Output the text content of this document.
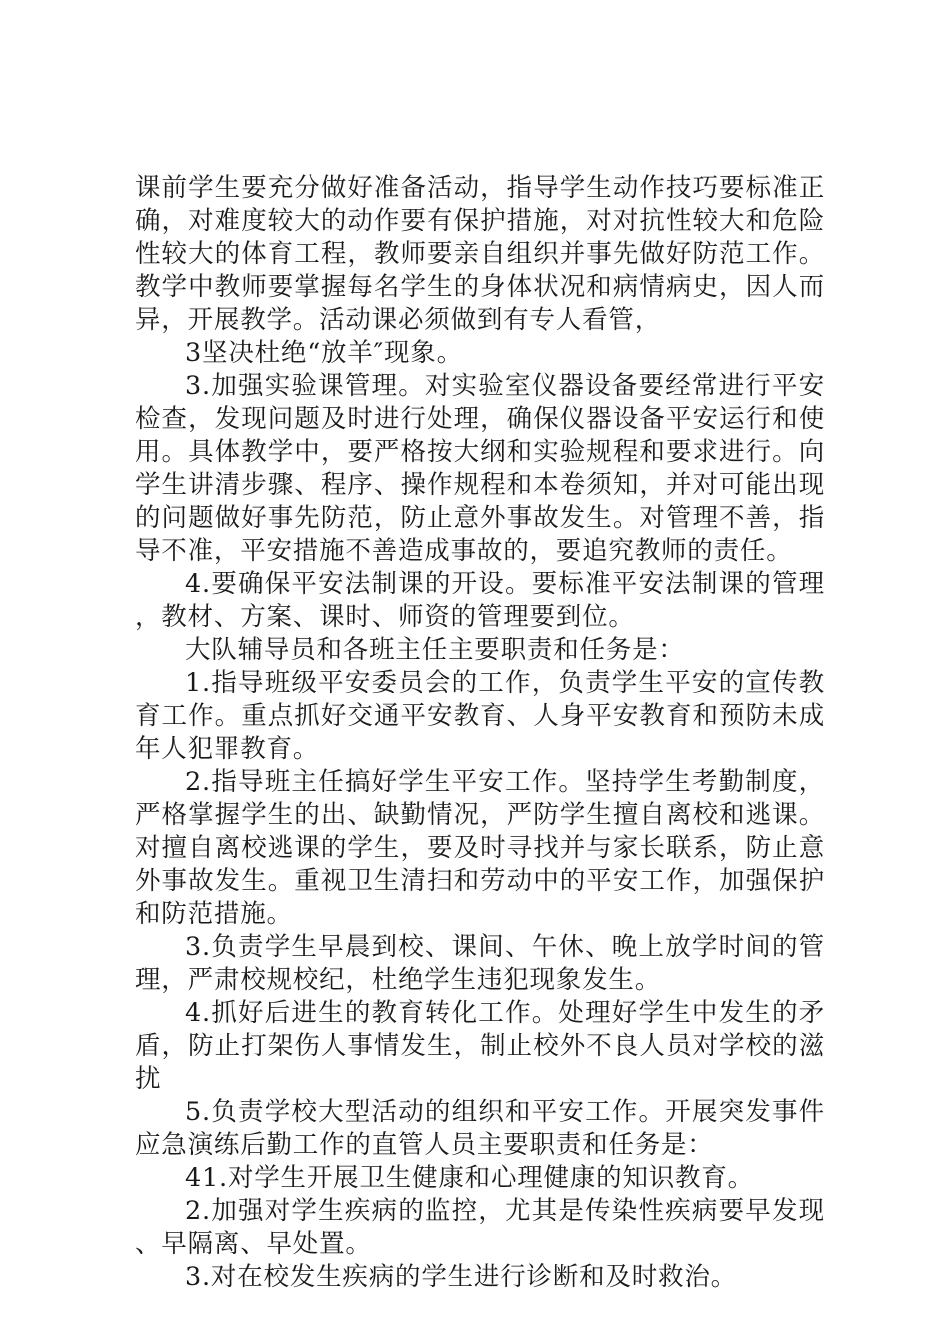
课前学生要充分做好准备活动，指导学生动作技巧要标准正确，对难度较大的动作要有保护措施，对对抗性较大和危险性较大的体育工程，教师要亲自组织并事先做好防范工作。教学中教师要掌握每名学生的身体状况和病情病史，因人而异，开展教学。活动课必须做到有专人看管，

3坚决杜绝“放羊″现象。

3.加强实验课管理。对实验室仪器设备要经常进行平安检查，发现问题及时进行处理，确保仪器设备平安运行和使用。具体教学中，要严格按大纲和实验规程和要求进行。向学生讲清步骤、程序、操作规程和本卷须知，并对可能出现的问题做好事先防范，防止意外事故发生。对管理不善，指导不准，平安措施不善造成事故的，要追究教师的责任。

4.要确保平安法制课的开设。要标准平安法制课的管理，教材、方案、课时、师资的管理要到位。

大队辅导员和各班主任主要职责和任务是：

1.指导班级平安委员会的工作，负责学生平安的宣传教育工作。重点抓好交通平安教育、人身平安教育和预防未成年人犯罪教育。

2.指导班主任搞好学生平安工作。坚持学生考勤制度，严格掌握学生的出、缺勤情况，严防学生擅自离校和逃课。对擅自离校逃课的学生，要及时寻找并与家长联系，防止意外事故发生。重视卫生清扫和劳动中的平安工作，加强保护和防范措施。

3.负责学生早晨到校、课间、午休、晚上放学时间的管理，严肃校规校纪，杜绝学生违犯现象发生。

4.抓好后进生的教育转化工作。处理好学生中发生的矛盾，防止打架伤人事情发生，制止校外不良人员对学校的滋扰

5.负责学校大型活动的组织和平安工作。开展突发事件应急演练后勤工作的直管人员主要职责和任务是：

41.对学生开展卫生健康和心理健康的知识教育。

2.加强对学生疾病的监控，尤其是传染性疾病要早发现、早隔离、早处置。

3.对在校发生疾病的学生进行诊断和及时救治。
